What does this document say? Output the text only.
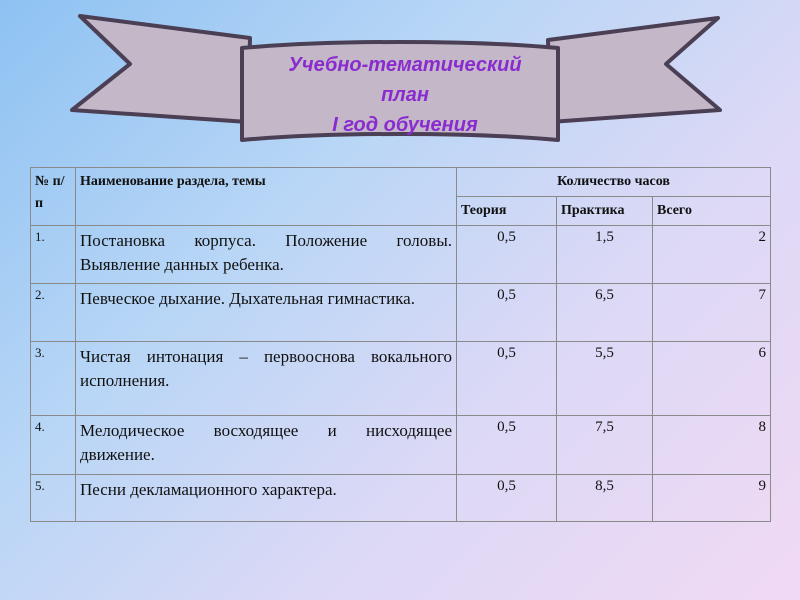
Учебно-тематический
план
I год обучения
№ п/п	Наименование раздела, темы	Количество часов		
		Теория	Практика	Всего
1.	Постановка корпуса. Положение головы. Выявление данных ребенка.	0,5	1,5	2
2.	Певческое дыхание. Дыхательная гимнастика.	0,5	6,5	7
3.	Чистая интонация – первооснова вокального исполнения.	0,5	5,5	6
4.	Мелодическое восходящее и нисходящее движение.	0,5	7,5	8
5.	Песни декламационного характера.	0,5	8,5	9
